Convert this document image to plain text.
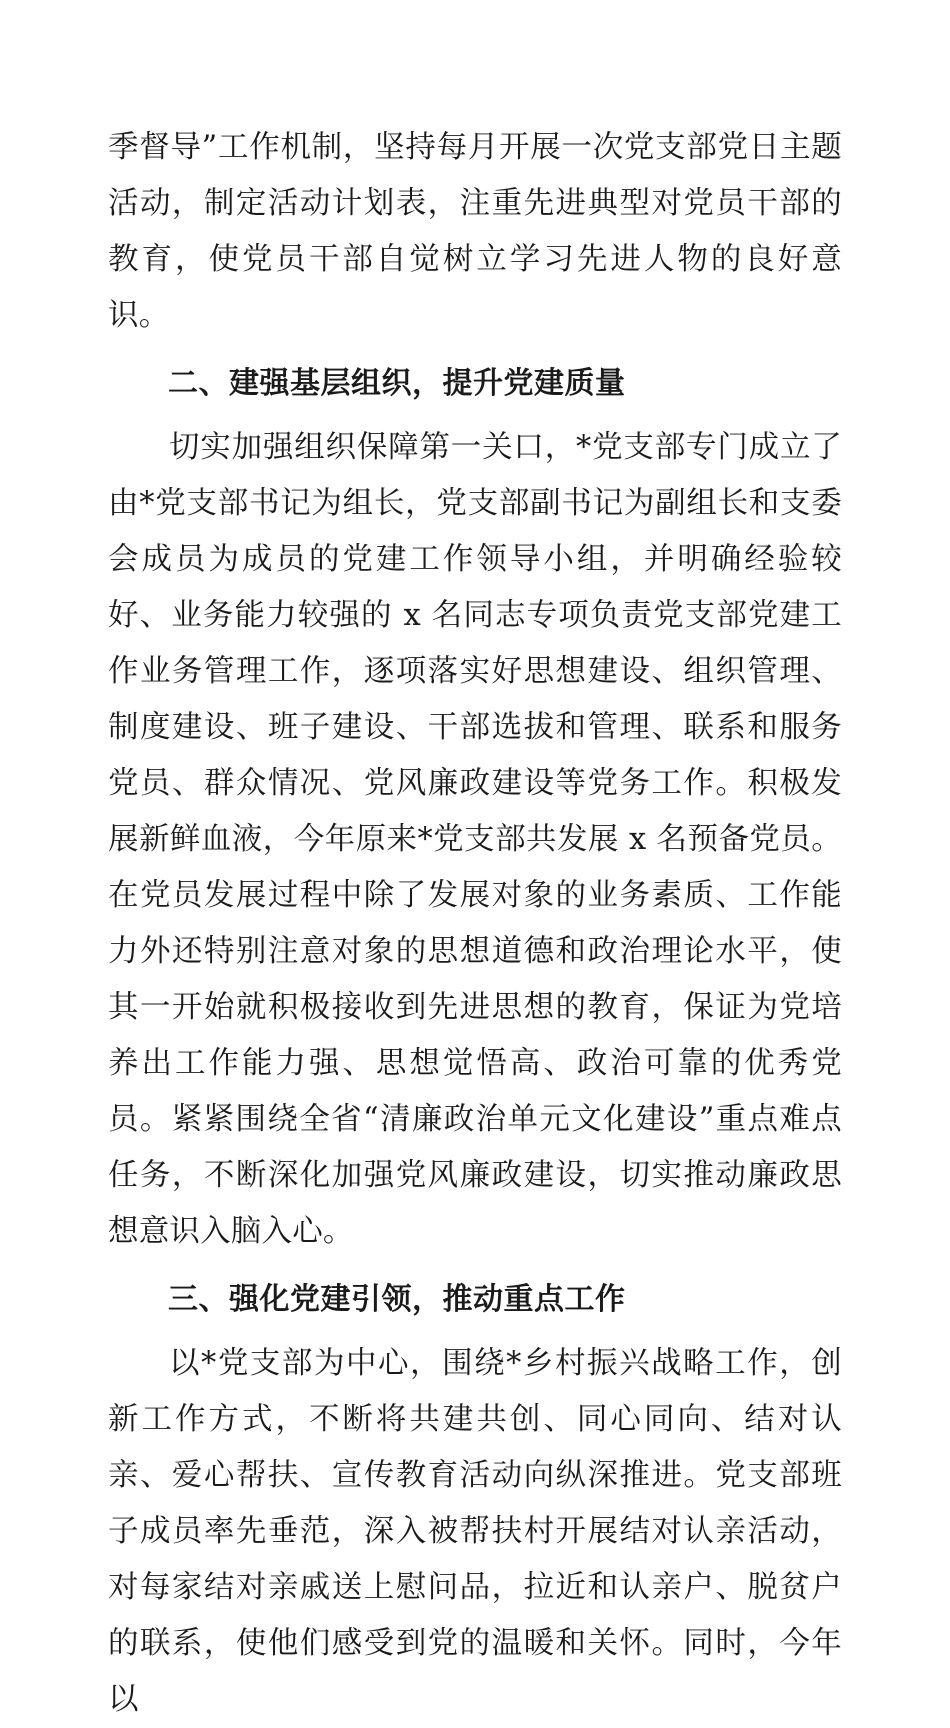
季督导”工作机制，坚持每月开展一次党支部党日主题活动，制定活动计划表，注重先进典型对党员干部的教育，使党员干部自觉树立学习先进人物的良好意识。

二、建强基层组织，提升党建质量

切实加强组织保障第一关口，*党支部专门成立了由*党支部书记为组长，党支部副书记为副组长和支委会成员为成员的党建工作领导小组，并明确经验较好、业务能力较强的 x 名同志专项负责党支部党建工作业务管理工作，逐项落实好思想建设、组织管理、制度建设、班子建设、干部选拔和管理、联系和服务党员、群众情况、党风廉政建设等党务工作。积极发展新鲜血液，今年原来*党支部共发展 x 名预备党员。在党员发展过程中除了发展对象的业务素质、工作能力外还特别注意对象的思想道德和政治理论水平，使其一开始就积极接收到先进思想的教育，保证为党培养出工作能力强、思想觉悟高、政治可靠的优秀党员。紧紧围绕全省“清廉政治单元文化建设”重点难点任务，不断深化加强党风廉政建设，切实推动廉政思想意识入脑入心。

三、强化党建引领，推动重点工作

以*党支部为中心，围绕*乡村振兴战略工作，创新工作方式，不断将共建共创、同心同向、结对认亲、爱心帮扶、宣传教育活动向纵深推进。党支部班子成员率先垂范，深入被帮扶村开展结对认亲活动，对每家结对亲戚送上慰问品，拉近和认亲户、脱贫户的联系，使他们感受到党的温暖和关怀。同时，今年以
